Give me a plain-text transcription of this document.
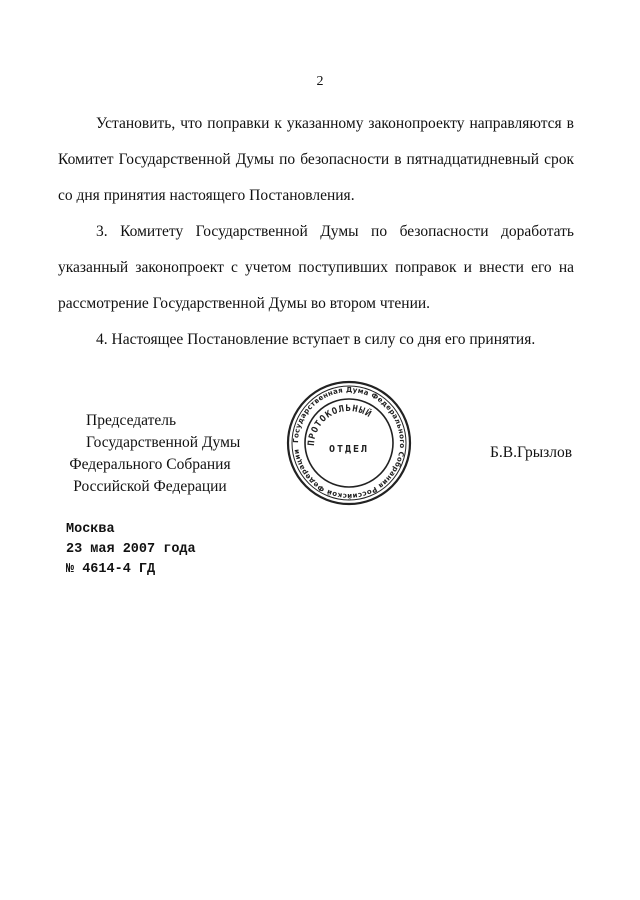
2

Установить, что поправки к указанному законопроекту направляются в Комитет Государственной Думы по безопасности в пятнадцатидневный срок со дня принятия настоящего Постановления.

3. Комитету Государственной Думы по безопасности доработать указанный законопроект с учетом поступивших поправок и внести его на рассмотрение Государственной Думы во втором чтении.

4. Настоящее Постановление вступает в силу со дня его принятия.

Председатель Государственной Думы
Федерального Собрания
Российской Федерации
Государственная Дума Федерального Собрания Российской Федерации
ПРОТОКОЛЬНЫЙ
ОТДЕЛ	Б.В.Грызлов
Москва
23 мая 2007 года
№ 4614-4 ГД
